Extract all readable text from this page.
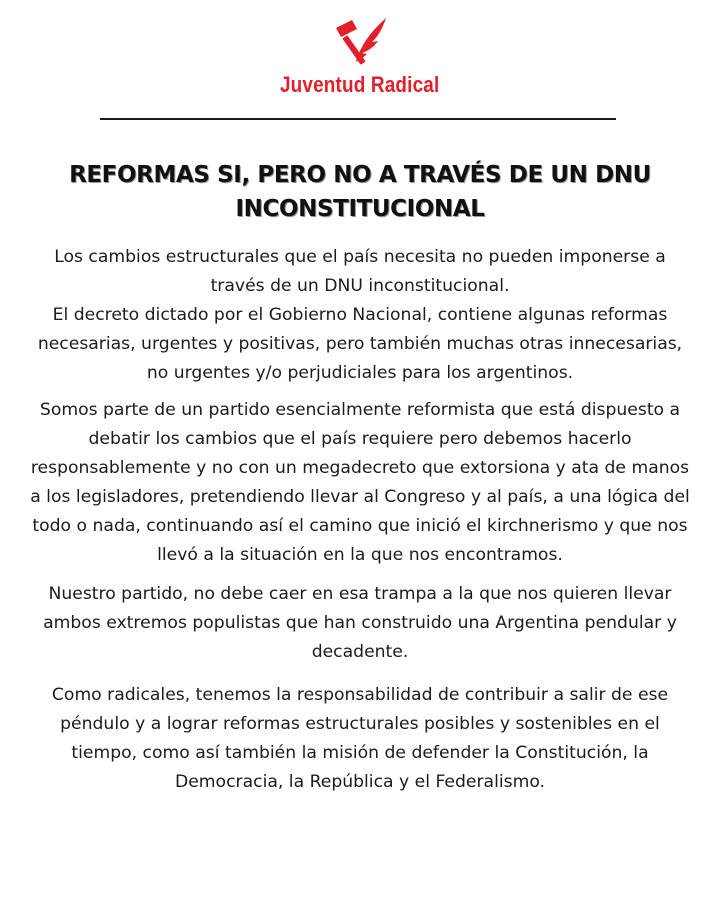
Juventud Radical
REFORMAS SI, PERO NO A TRAVÉS DE UN DNU INCONSTITUCIONAL

Los cambios estructurales que el país necesita no pueden imponerse a través de un DNU inconstitucional.

El decreto dictado por el Gobierno Nacional, contiene algunas reformas necesarias, urgentes y positivas, pero también muchas otras innecesarias, no urgentes y/o perjudiciales para los argentinos.

Somos parte de un partido esencialmente reformista que está dispuesto a debatir los cambios que el país requiere pero debemos hacerlo responsablemente y no con un megadecreto que extorsiona y ata de manos a los legisladores, pretendiendo llevar al Congreso y al país, a una lógica del todo o nada, continuando así el camino que inició el kirchnerismo y que nos llevó a la situación en la que nos encontramos.

Nuestro partido, no debe caer en esa trampa a la que nos quieren llevar ambos extremos populistas que han construido una Argentina pendular y decadente.

Como radicales, tenemos la responsabilidad de contribuir a salir de ese péndulo y a lograr reformas estructurales posibles y sostenibles en el tiempo, como así también la misión de defender la Constitución, la Democracia, la República y el Federalismo.
